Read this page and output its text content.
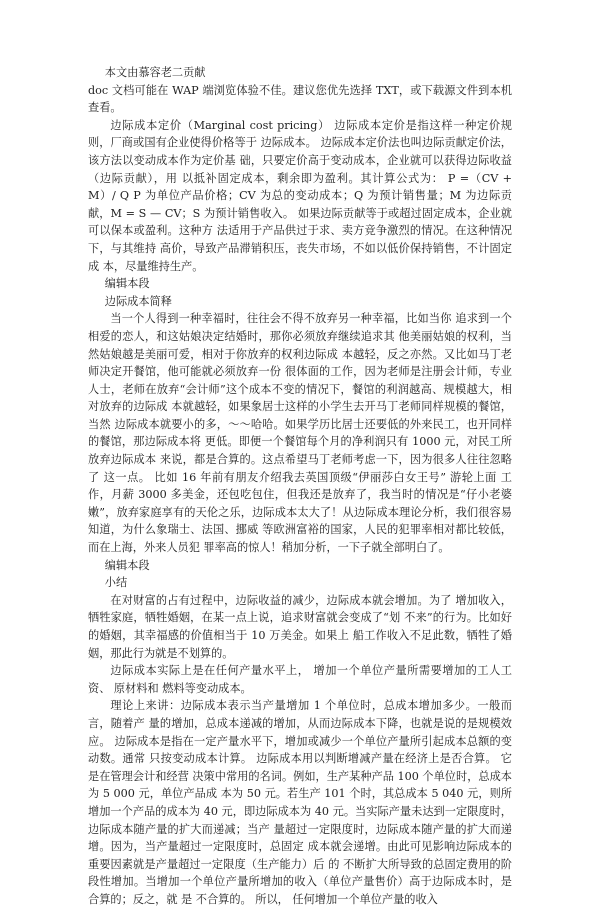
本文由慕容老二贡献

doc 文档可能在 WAP 端浏览体验不佳。建议您优先选择 TXT，或下载源文件到本机查看。

边际成本定价（Marginal cost pricing） 边际成本定价是指这样一种定价规则，厂商或国有企业使得价格等于 边际成本。 边际成本定价法也叫边际贡献定价法，该方法以变动成本作为定价基 础，只要定价高于变动成本，企业就可以获得边际收益（边际贡献），用 以抵补固定成本，剩余即为盈利。其计算公式为： P =（CV + M）/ Q P 为单位产品价格；CV 为总的变动成本；Q 为预计销售量；M 为边际贡 献，M = S — CV；S 为预计销售收入。 如果边际贡献等于或超过固定成本，企业就可以保本或盈利。这种方 法适用于产品供过于求、卖方竞争激烈的情况。在这种情况下，与其维持 高价，导致产品滞销积压，丧失市场，不如以低价保持销售，不计固定成 本，尽量维持生产。

编辑本段

边际成本简释

当一个人得到一种幸福时，往往会不得不放弃另一种幸福，比如当你 追求到一个相爱的恋人，和这姑娘决定结婚时，那你必须放弃继续追求其 他美丽姑娘的权利，当然姑娘越是美丽可爱，相对于你放弃的权利边际成 本越轻，反之亦然。又比如马丁老师决定开餐馆，他可能就必须放弃一份 很体面的工作，因为老师是注册会计师，专业人士，老师在放弃“会计师”这个成本不变的情况下，餐馆的利润越高、规模越大，相对放弃的边际成 本就越轻，如果象居士这样的小学生去开马丁老师同样规模的餐馆，当然 边际成本就要小的多，～～哈哈。如果学历比居士还要低的外来民工，也开同样的餐馆，那边际成本将 更低。即便一个餐馆每个月的净利润只有 1000 元，对民工所放弃边际成本 来说，都是合算的。这点希望马丁老师考虑一下，因为很多人往往忽略了 这一点。 比如 16 年前有朋友介绍我去英国顶级“伊丽莎白女王号” 游轮上面 工作，月薪 3000 多美金，还包吃包住，但我还是放弃了，我当时的情况是“仔小老婆嫩”，放弃家庭享有的天伦之乐，边际成本太大了！从边际成本理论分析，我们很容易知道，为什么象瑞士、法国、挪威 等欧洲富裕的国家，人民的犯罪率相对都比较低，而在上海，外来人员犯 罪率高的惊人！稍加分析，一下子就全部明白了。

编辑本段

小结

在对财富的占有过程中，边际收益的减少，边际成本就会增加。为了 增加收入，牺牲家庭，牺牲婚姻，在某一点上说，追求财富就会变成了“划 不来”的行为。比如好的婚姻，其幸福感的价值相当于 10 万美金。如果上 船工作收入不足此数，牺牲了婚姻，那此行为就是不划算的。

边际成本实际上是在任何产量水平上， 增加一个单位产量所需要增加的工人工资、 原材料和 燃料等变动成本。

理论上来讲：边际成本表示当产量增加 1 个单位时，总成本增加多少。一般而言，随着产 量的增加，总成本递减的增加，从而边际成本下降，也就是说的是规模效应。 边际成本是指在一定产量水平下，增加或减少一个单位产量所引起成本总额的变动数。通常 只按变动成本计算。 边际成本用以判断增减产量在经济上是否合算。 它是在管理会计和经营 决策中常用的名词。例如，生产某种产品 100 个单位时，总成本为 5 000 元，单位产品成 本为 50 元。若生产 101 个时，其总成本 5 040 元，则所增加一个产品的成本为 40 元，即边际成本为 40 元。当实际产量未达到一定限度时，边际成本随产量的扩大而递减；当产 量超过一定限度时，边际成本随产量的扩大而递增。因为，当产量超过一定限度时，总固定 成本就会递增。由此可见影响边际成本的重要因素就是产量超过一定限度（生产能力）后 的 不断扩大所导致的总固定费用的阶段性增加。当增加一个单位产量所增加的收入（单位产量售价）高于边际成本时，是合算的；反之，就 是 不合算的。 所以， 任何增加一个单位产量的收入
